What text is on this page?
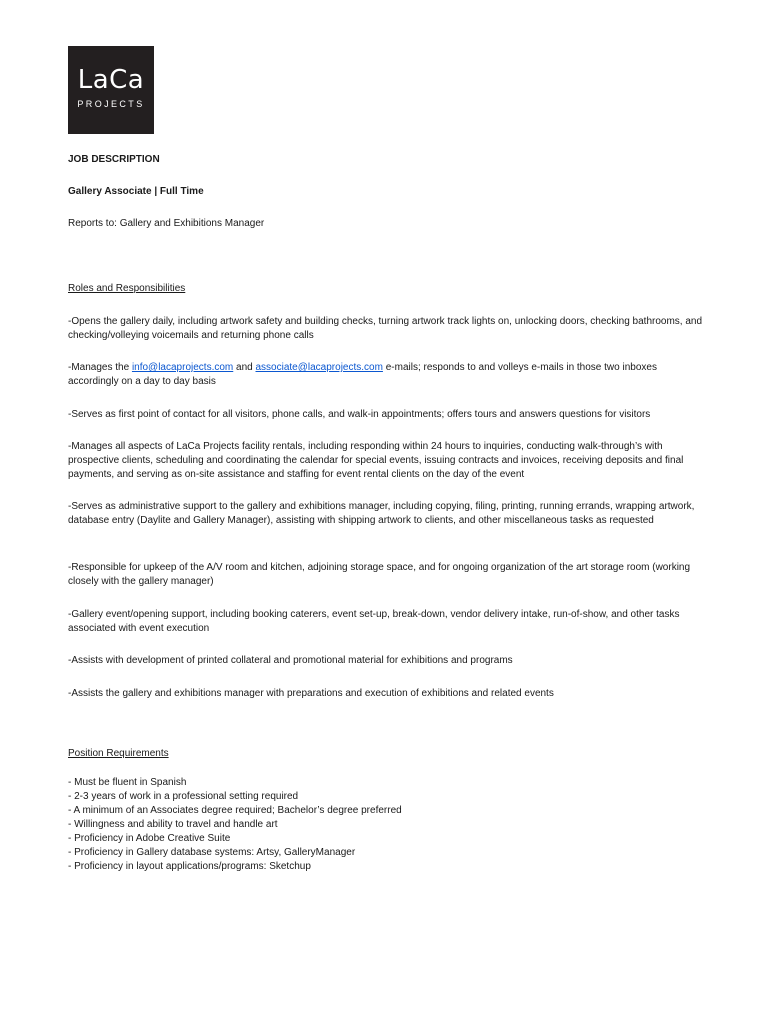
LaCa
PROJECTS
JOB DESCRIPTION
Gallery Associate | Full Time
Reports to: Gallery and Exhibitions Manager
Roles and Responsibilities
-Opens the gallery daily, including artwork safety and building checks, turning artwork track lights on, unlocking doors, checking bathrooms, and checking/volleying voicemails and returning phone calls
-Manages the info@lacaprojects.com and associate@lacaprojects.com e-mails; responds to and volleys e-mails in those two inboxes accordingly on a day to day basis
-Serves as first point of contact for all visitors, phone calls, and walk-in appointments; offers tours and answers questions for visitors
-Manages all aspects of LaCa Projects facility rentals, including responding within 24 hours to inquiries, conducting walk-through’s with prospective clients, scheduling and coordinating the calendar for special events, issuing contracts and invoices, receiving deposits and final payments, and serving as on-site assistance and staffing for event rental clients on the day of the event
-Serves as administrative support to the gallery and exhibitions manager, including copying, filing, printing, running errands, wrapping artwork, database entry (Daylite and Gallery Manager), assisting with shipping artwork to clients, and other miscellaneous tasks as requested
-Responsible for upkeep of the A/V room and kitchen, adjoining storage space, and for ongoing organization of the art storage room (working closely with the gallery manager)
-Gallery event/opening support, including booking caterers, event set-up, break-down, vendor delivery intake, run-of-show, and other tasks associated with event execution
-Assists with development of printed collateral and promotional material for exhibitions and programs
-Assists the gallery and exhibitions manager with preparations and execution of exhibitions and related events
Position Requirements
- Must be fluent in Spanish
- 2-3 years of work in a professional setting required
- A minimum of an Associates degree required; Bachelor’s degree preferred
- Willingness and ability to travel and handle art
- Proficiency in Adobe Creative Suite
- Proficiency in Gallery database systems: Artsy, GalleryManager
- Proficiency in layout applications/programs: Sketchup
